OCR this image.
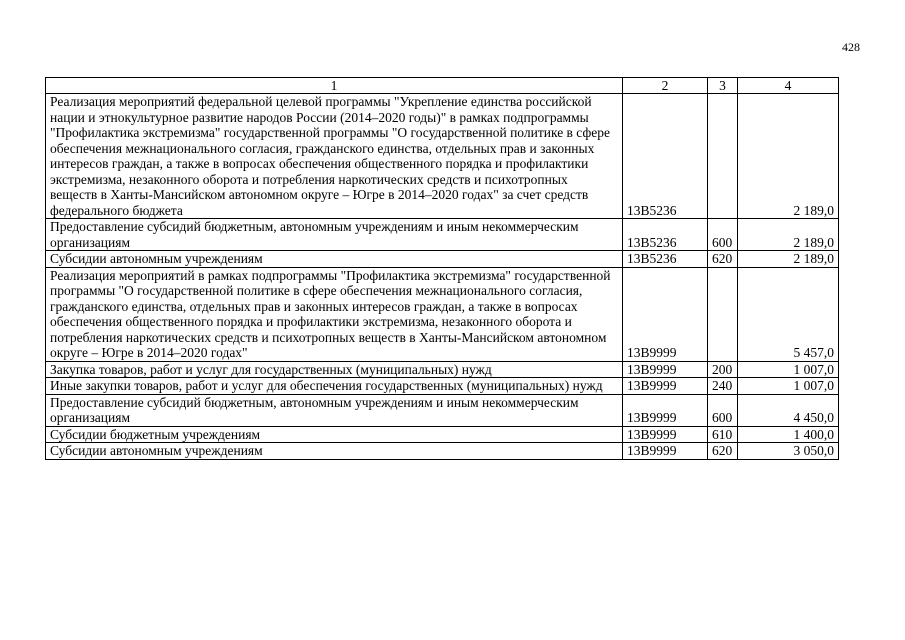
428
1	2	3	4
Реализация мероприятий федеральной целевой программы "Укрепление единства российской нации и этнокультурное развитие народов России (2014–2020 годы)" в рамках подпрограммы "Профилактика экстремизма" государственной программы "О государственной политике в сфере обеспечения межнационального согласия, гражданского единства, отдельных прав и законных интересов граждан, а также в вопросах обеспечения общественного порядка и профилактики экстремизма, незаконного оборота и потребления наркотических средств и психотропных веществ в Ханты-Мансийском автономном округе – Югре в 2014–2020 годах" за счет средств федерального бюджета	13В5236		2 189,0
Предоставление субсидий бюджетным, автономным учреждениям и иным некоммерческим организациям	13В5236	600	2 189,0
Субсидии автономным учреждениям	13В5236	620	2 189,0
Реализация мероприятий в рамках подпрограммы "Профилактика экстремизма" государственной программы "О государственной политике в сфере обеспечения межнационального согласия, гражданского единства, отдельных прав и законных интересов граждан, а также в вопросах обеспечения общественного порядка и профилактики экстремизма, незаконного оборота и потребления наркотических средств и психотропных веществ в Ханты-Мансийском автономном округе – Югре в 2014–2020 годах"	13В9999		5 457,0
Закупка товаров, работ и услуг для государственных (муниципальных) нужд	13В9999	200	1 007,0
Иные закупки товаров, работ и услуг для обеспечения государственных (муниципальных) нужд	13В9999	240	1 007,0
Предоставление субсидий бюджетным, автономным учреждениям и иным некоммерческим организациям	13В9999	600	4 450,0
Субсидии бюджетным учреждениям	13В9999	610	1 400,0
Субсидии автономным учреждениям	13В9999	620	3 050,0
